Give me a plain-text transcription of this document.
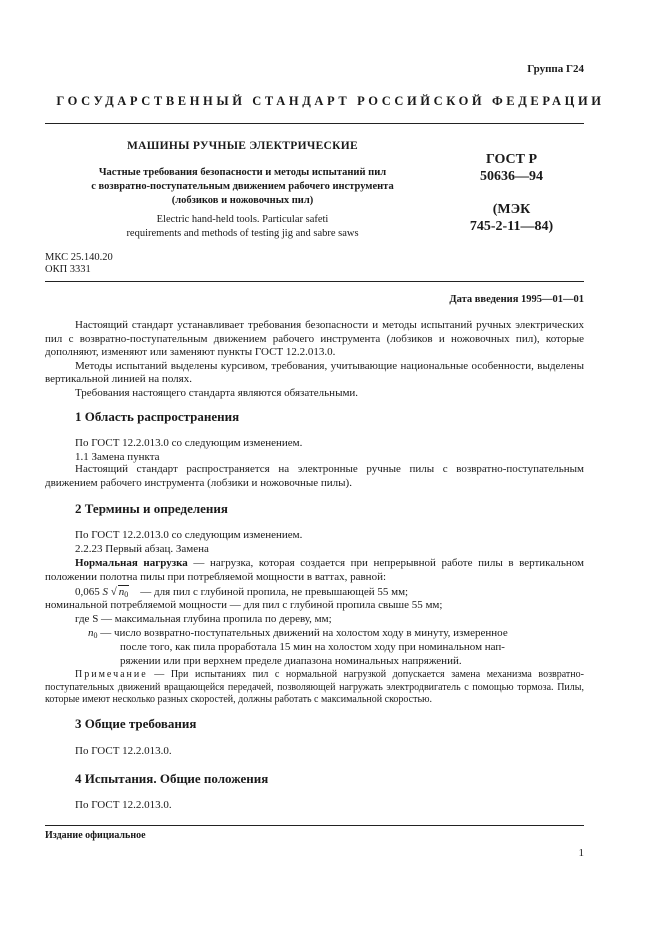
Группа Г24
ГОСУДАРСТВЕННЫЙ СТАНДАРТ РОССИЙСКОЙ ФЕДЕРАЦИИ
МАШИНЫ РУЧНЫЕ ЭЛЕКТРИЧЕСКИЕ
Частные требования безопасности и методы испытаний пил
с возвратно-поступательным движением рабочего инструмента
(лобзиков и ножовочных пил)
Electric hand-held tools. Particular safeti
requirements and methods of testing jig and sabre saws
ГОСТ Р
50636—94
(МЭК
745-2-11—84)
МКС 25.140.20
ОКП 3331
Дата введения 1995—01—01
Настоящий стандарт устанавливает требования безопасности и методы испытаний ручных электрических пил с возвратно-поступательным движением рабочего инструмента (лобзиков и ножовочных пил), которые дополняют, изменяют или заменяют пункты ГОСТ 12.2.013.0.
Методы испытаний выделены курсивом, требования, учитывающие национальные особенности, выделены вертикальной линией на полях.
Требования настоящего стандарта являются обязательными.
1 Область распространения
По ГОСТ 12.2.013.0 со следующим изменением.
1.1 Замена пункта
Настоящий стандарт распространяется на электронные ручные пилы с возвратно-поступательным движением рабочего инструмента (лобзики и ножовочные пилы).
2 Термины и определения
По ГОСТ 12.2.013.0 со следующим изменением.
2.2.23 Первый абзац. Замена
Нормальная нагрузка — нагрузка, которая создается при непрерывной работе пилы в вертикальном положении полотна пилы при потребляемой мощности в ваттах, равной:
0,065 S √ $n_0$ — для пил с глубиной пропила, не превышающей 55 мм;
номинальной потребляемой мощности — для пил с глубиной пропила свыше 55 мм;
где S — максимальная глубина пропила по дереву, мм;
$n_0$ — число возвратно-поступательных движений на холостом ходу в минуту, измеренное
после того, как пила проработала 15 мин на холостом ходу при номинальном нап-
ряжении или при верхнем пределе диапазона номинальных напряжений.
Примечание — При испытаниях пил с нормальной нагрузкой допускается замена механизма возвратно-поступательных движений вращающейся передачей, позволяющей нагружать электродвигатель с помощью тормоза. Пилы, которые имеют несколько разных скоростей, должны работать с максимальной скоростью.
3 Общие требования
По ГОСТ 12.2.013.0.
4 Испытания. Общие положения
По ГОСТ 12.2.013.0.
Издание официальное
1
